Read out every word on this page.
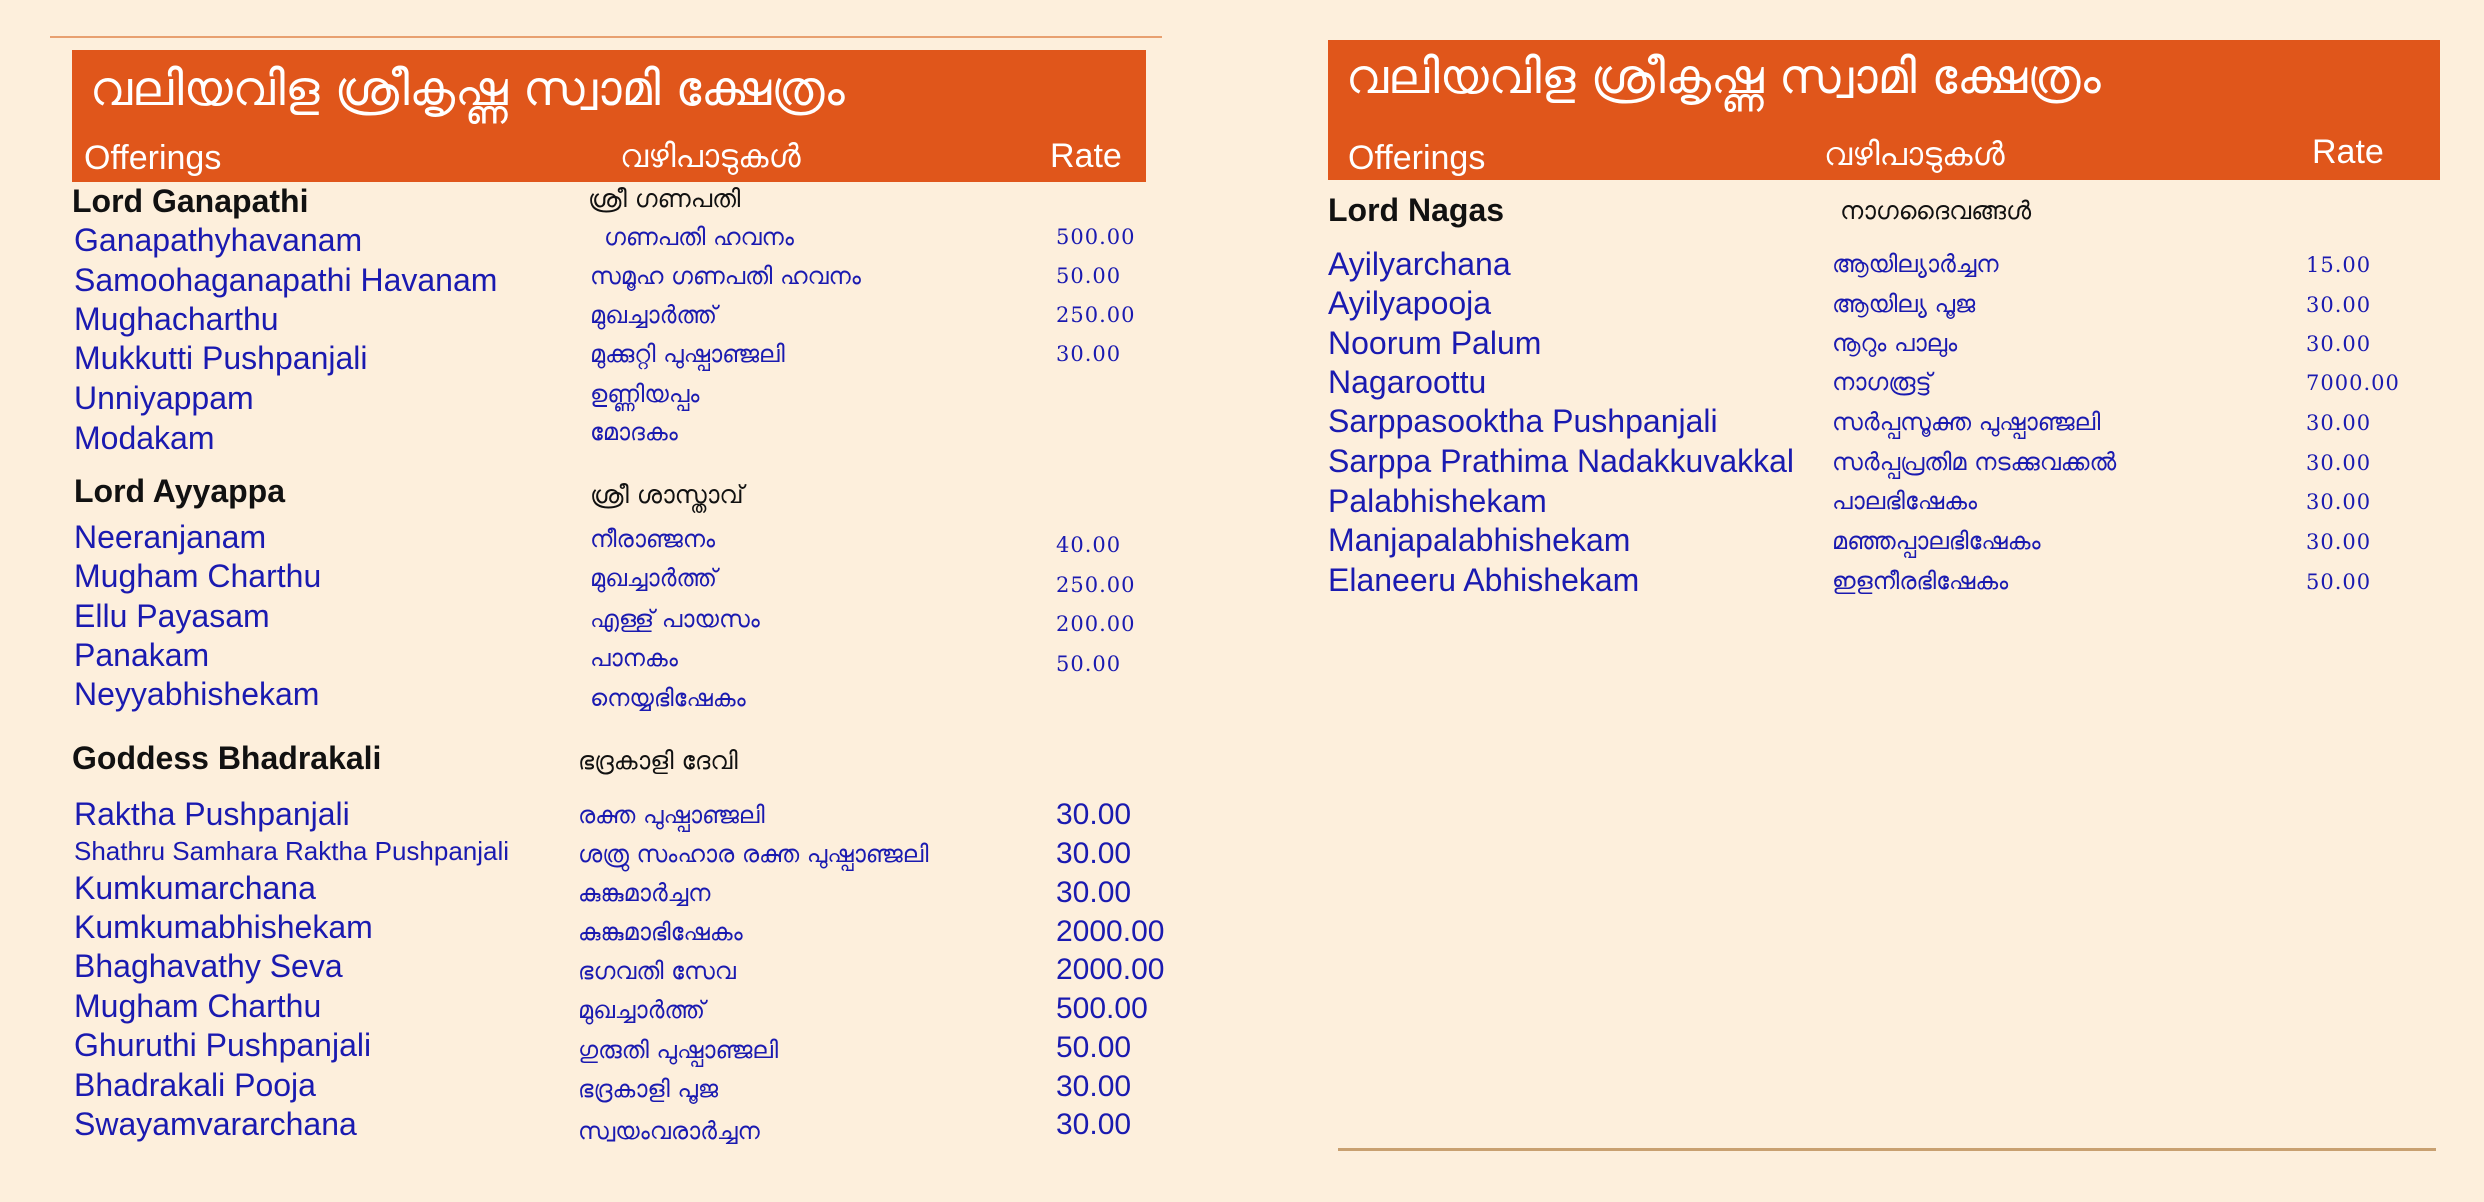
വലിയവിള ശ്രീകൃഷ്ണ സ്വാമി ക്ഷേത്രം
Offerings	വഴിപാടുകൾ	Rate
Lord Ganapathi	ശ്രീ ഗണപതി
Ganapathyhavanam	ഗണപതി ഹവനം	500.00
Samoohaganapathi Havanam	സമൂഹ ഗണപതി ഹവനം	50.00
Mughacharthu	മുഖച്ചാർത്ത്	250.00
Mukkutti Pushpanjali	മുക്കുറ്റി പുഷ്പാഞ്ജലി	30.00
Unniyappam	ഉണ്ണിയപ്പം
Modakam	മോദകം
Lord Ayyappa	ശ്രീ ശാസ്താവ്
Neeranjanam	നീരാഞ്ജനം	40.00
Mugham Charthu	മുഖച്ചാർത്ത്	250.00
Ellu Payasam	എള്ള് പായസം	200.00
Panakam	പാനകം	50.00
Neyyabhishekam	നെയ്യഭിഷേകം
Goddess Bhadrakali	ഭദ്രകാളി ദേവി
Raktha Pushpanjali	രക്ത പുഷ്പാഞ്ജലി	30.00
Shathru Samhara Raktha Pushpanjali	ശത്രു സംഹാര രക്ത പുഷ്പാഞ്ജലി	30.00
Kumkumarchana	കുങ്കുമാർച്ചന	30.00
Kumkumabhishekam	കുങ്കുമാഭിഷേകം	2000.00
Bhaghavathy Seva	ഭഗവതി സേവ	2000.00
Mugham Charthu	മുഖച്ചാർത്ത്	500.00
Ghuruthi Pushpanjali	ഗുരുതി പുഷ്പാഞ്ജലി	50.00
Bhadrakali Pooja	ഭദ്രകാളി പൂജ	30.00
Swayamvararchana	സ്വയംവരാർച്ചന	30.00
വലിയവിള ശ്രീകൃഷ്ണ സ്വാമി ക്ഷേത്രം
Offerings	വഴിപാടുകൾ	Rate
Lord Nagas	നാഗദൈവങ്ങൾ
Ayilyarchana	ആയില്യാർച്ചന	15.00
Ayilyapooja	ആയില്യ പൂജ	30.00
Noorum Palum	നൂറും പാലും	30.00
Nagaroottu	നാഗരൂട്ട്	7000.00
Sarppasooktha Pushpanjali	സർപ്പസൂക്ത പുഷ്പാഞ്ജലി	30.00
Sarppa Prathima Nadakkuvakkal സർപ്പപ്രതിമ നടക്കുവക്കൽ	30.00
Palabhishekam	പാലഭിഷേകം	30.00
Manjapalabhishekam	മഞ്ഞപ്പാലഭിഷേകം	30.00
Elaneeru Abhishekam	ഇളനീരഭിഷേകം	50.00
